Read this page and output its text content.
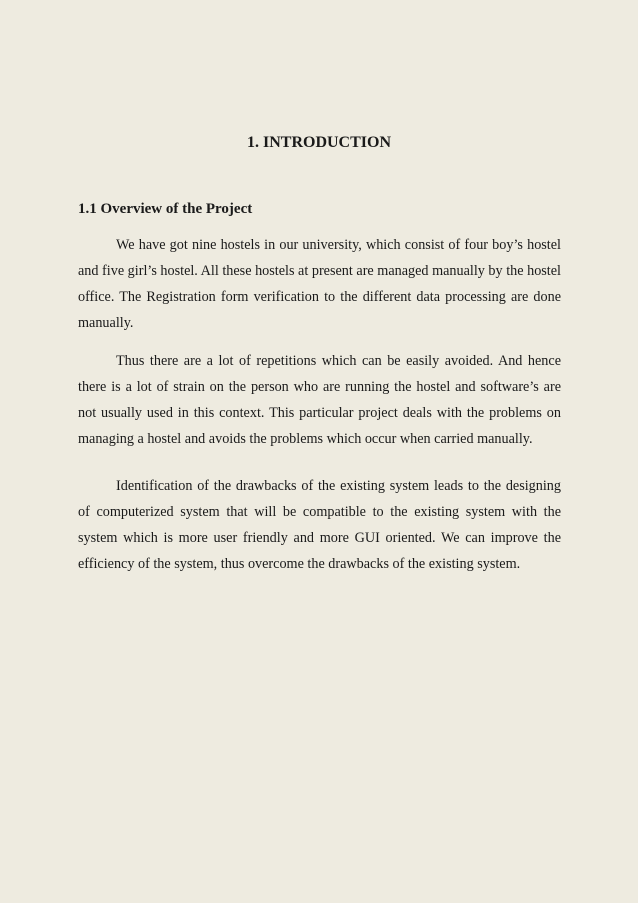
1. INTRODUCTION
1.1 Overview of the Project

We have got nine hostels in our university, which consist of four boy’s hostel and five girl’s hostel. All these hostels at present are managed manually by the hostel office. The Registration form verification to the different data processing are done manually.

Thus there are a lot of repetitions which can be easily avoided. And hence there is a lot of strain on the person who are running the hostel and software’s are not usually used in this context. This particular project deals with the problems on managing a hostel and avoids the problems which occur when carried manually.

Identification of the drawbacks of the existing system leads to the designing of computerized system that will be compatible to the existing system with the system which is more user friendly and more GUI oriented. We can improve the efficiency of the system, thus overcome the drawbacks of the existing system.
